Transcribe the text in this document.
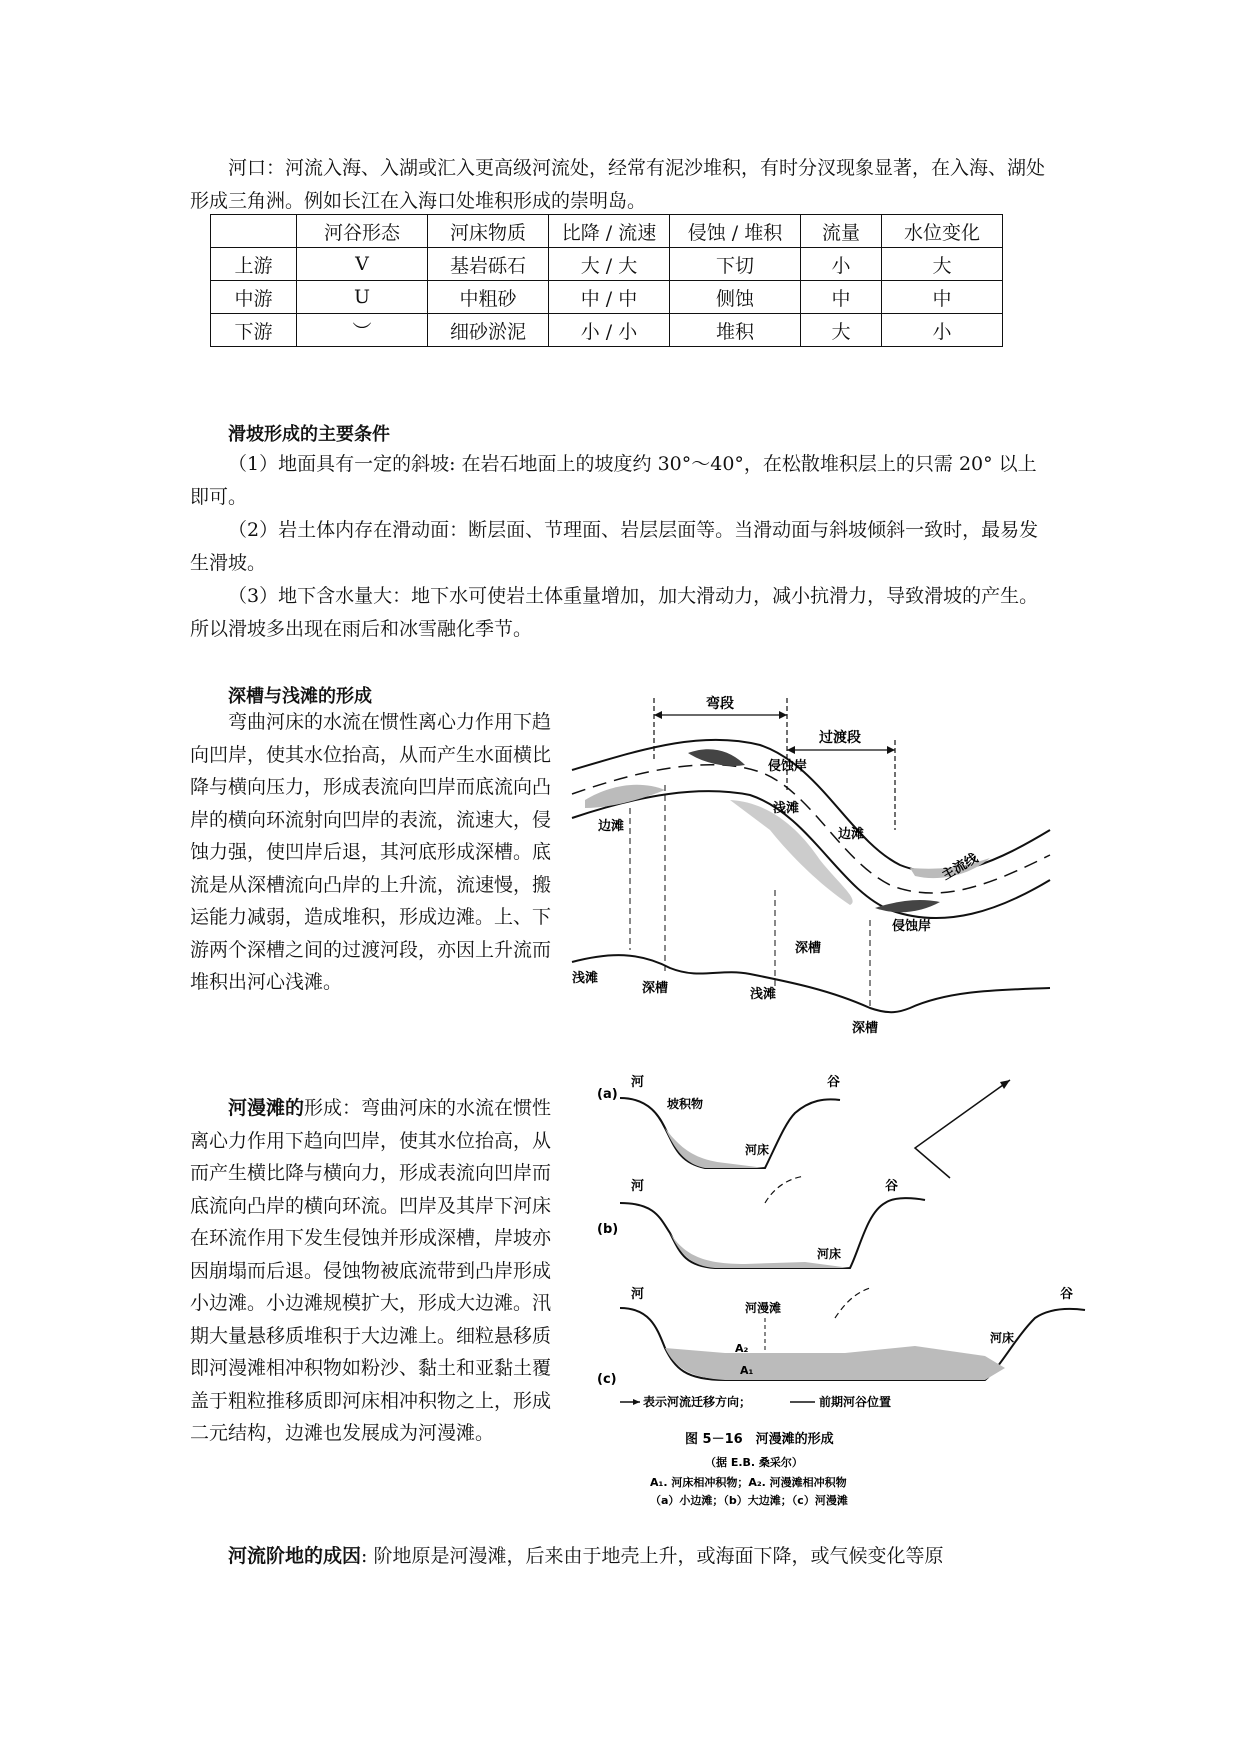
河口：河流入海、入湖或汇入更高级河流处，经常有泥沙堆积，有时分汊现象显著，在入海、湖处形成三角洲。例如长江在入海口处堆积形成的崇明岛。

	河谷形态	河床物质	比降 / 流速	侵蚀 / 堆积	流量	水位变化
上游	V	基岩砾石	大 / 大	下切	小	大
中游	U	中粗砂	中 / 中	侧蚀	中	中
下游	︶	细砂淤泥	小 / 小	堆积	大	小
滑坡形成的主要条件

（1）地面具有一定的斜坡: 在岩石地面上的坡度约 30°～40°，在松散堆积层上的只需 20° 以上即可。

（2）岩土体内存在滑动面：断层面、节理面、岩层层面等。当滑动面与斜坡倾斜一致时，最易发生滑坡。

（3）地下含水量大：地下水可使岩土体重量增加，加大滑动力，减小抗滑力，导致滑坡的产生。所以滑坡多出现在雨后和冰雪融化季节。

深槽与浅滩的形成

弯曲河床的水流在惯性离心力作用下趋向凹岸，使其水位抬高，从而产生水面横比降与横向压力，形成表流向凹岸而底流向凸岸的横向环流射向凹岸的表流，流速大，侵蚀力强，使凹岸后退，其河底形成深槽。底流是从深槽流向凸岸的上升流，流速慢，搬运能力减弱，造成堆积，形成边滩。上、下游两个深槽之间的过渡河段，亦因上升流而堆积出河心浅滩。

弯段
过渡段
侵蚀岸
浅滩
边滩
边滩
主流线
侵蚀岸
深槽
浅滩
深槽	浅滩
深槽

河漫滩的形成：弯曲河床的水流在惯性离心力作用下趋向凹岸，使其水位抬高，从而产生横比降与横向力，形成表流向凹岸而底流向凸岸的横向环流。凹岸及其岸下河床在环流作用下发生侵蚀并形成深槽，岸坡亦因崩塌而后退。侵蚀物被底流带到凸岸形成小边滩。小边滩规模扩大，形成大边滩。汛期大量悬移质堆积于大边滩上。细粒悬移质即河漫滩相冲积物如粉沙、黏土和亚黏土覆盖于粗粒推移质即河床相冲积物之上，形成二元结构，边滩也发展成为河漫滩。

(a)
河	谷
坡积物
河床
(b)
河	谷
河床
(c)
河	谷
河漫滩
A₂
A₁
河床
表示河流迁移方向；	前期河谷位置
图 5－16　河漫滩的形成
（据 E.B. 桑采尔）
A₁. 河床相冲积物；A₂. 河漫滩相冲积物
（a）小边滩；（b）大边滩；（c）河漫滩

河流阶地的成因: 阶地原是河漫滩，后来由于地壳上升，或海面下降，或气候变化等原
